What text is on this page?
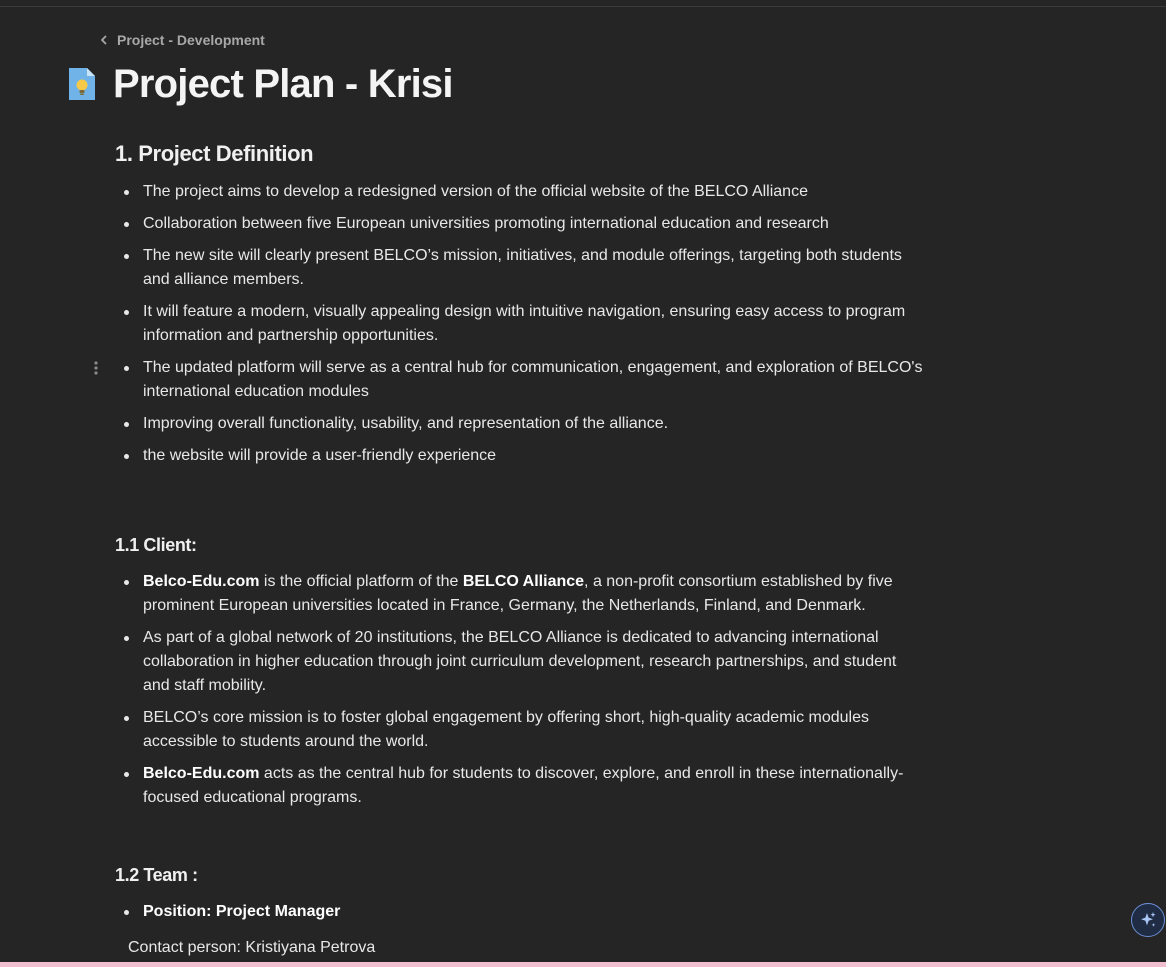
Project - Development
Project Plan - Krisi
1. Project Definition
The project aims to develop a redesigned version of the official website of the BELCO Alliance
Collaboration between five European universities promoting international education and research
The new site will clearly present BELCO’s mission, initiatives, and module offerings, targeting both students and alliance members.
It will feature a modern, visually appealing design with intuitive navigation, ensuring easy access to program information and partnership opportunities.
The updated platform will serve as a central hub for communication, engagement, and exploration of BELCO's international education modules
Improving overall functionality, usability, and representation of the alliance.
the website will provide a user-friendly experience
1.1 Client:
Belco-Edu.com is the official platform of the BELCO Alliance, a non-profit consortium established by five prominent European universities located in France, Germany, the Netherlands, Finland, and Denmark.
As part of a global network of 20 institutions, the BELCO Alliance is dedicated to advancing international collaboration in higher education through joint curriculum development, research partnerships, and student and staff mobility.
BELCO’s core mission is to foster global engagement by offering short, high-quality academic modules accessible to students around the world.
Belco-Edu.com acts as the central hub for students to discover, explore, and enroll in these internationally-focused educational programs.
1.2 Team :
Position: Project Manager
Contact person: Kristiyana Petrova
